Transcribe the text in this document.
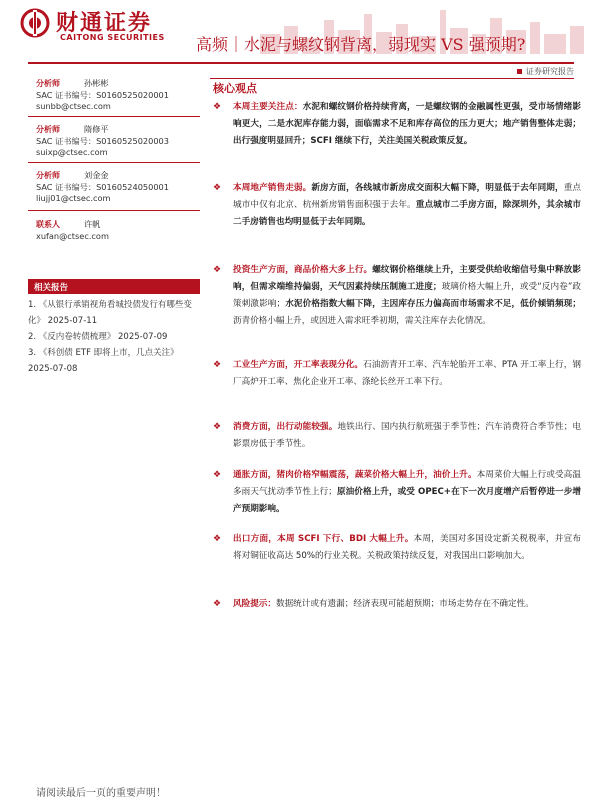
财通证券
CAITONG SECURITIES 高频｜水泥与螺纹钢背离，弱现实 VS 强预期?
证券研究报告
核心观点
分析师	孙彬彬
SAC 证书编号：S0160525020001
sunbb@ctsec.com
分析师	隋修平
SAC 证书编号：S0160525020003
suixp@ctsec.com
分析师	刘金金
SAC 证书编号：S0160524050001
liujj01@ctsec.com
联系人	许帆
xufan@ctsec.com
相关报告
1. 《从银行承销视角看城投债发行有哪些变化》 2025-07-11
2. 《反内卷转债梳理》 2025-07-09
3. 《科创债 ETF 即将上市，几点关注》 2025-07-08
❖ 本周主要关注点：水泥和螺纹钢价格持续背离，一是螺纹钢的金融属性更强，受市场情绪影响更大，二是水泥库存能力弱，面临需求不足和库存高位的压力更大；地产销售整体走弱；出行强度明显回升；SCFI 继续下行，关注美国关税政策反复。
❖ 本周地产销售走弱。新房方面，各线城市新房成交面积大幅下降，明显低于去年同期，重点城市中仅有北京、杭州新房销售面积强于去年。重点城市二手房方面，除深圳外，其余城市二手房销售也均明显低于去年同期。
❖ 投资生产方面，商品价格大多上行。螺纹钢价格继续上升，主要受供给收缩信号集中释放影响，但需求端维持偏弱，天气因素持续压制施工进度；玻璃价格大幅上升，或受“反内卷”政策刺激影响；水泥价格指数大幅下降，主因库存压力偏高而市场需求不足，低价倾销频现；沥青价格小幅上升，或因进入需求旺季初期，需关注库存去化情况。
❖ 工业生产方面，开工率表现分化。石油沥青开工率、汽车轮胎开工率、PTA 开工率上行，钢厂高炉开工率、焦化企业开工率、涤纶长丝开工率下行。
❖ 消费方面，出行动能较强。地铁出行、国内执行航班强于季节性；汽车消费符合季节性；电影票房低于季节性。
❖ 通胀方面，猪肉价格窄幅震荡，蔬菜价格大幅上升，油价上升。本周菜价大幅上行或受高温多雨天气扰动季节性上行；原油价格上升，或受 OPEC+在下一次月度增产后暂停进一步增产预期影响。
❖ 出口方面，本周 SCFI 下行、BDI 大幅上升。本周，美国对多国设定新关税税率，并宣布将对铜征收高达 50%的行业关税。关税政策持续反复，对我国出口影响加大。
❖ 风险提示：数据统计或有遗漏；经济表现可能超预期；市场走势存在不确定性。
请阅读最后一页的重要声明！
